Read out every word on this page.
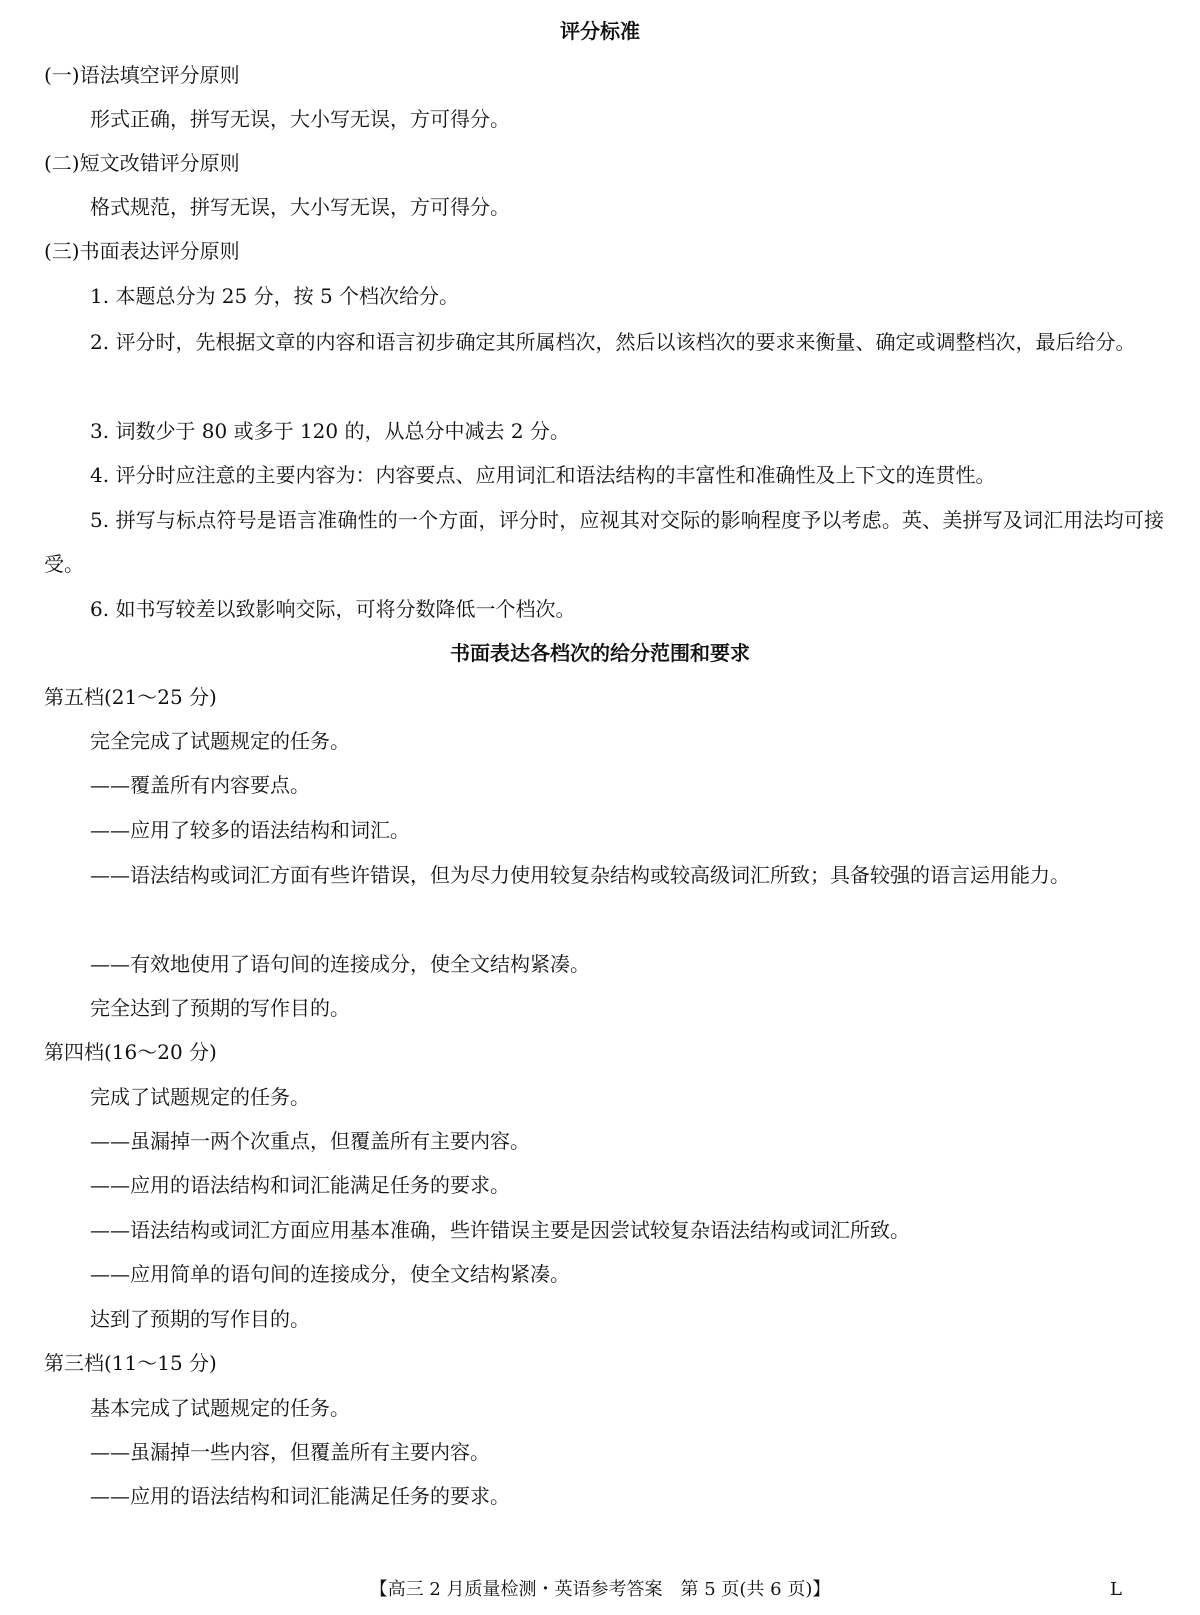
评分标准
(一)语法填空评分原则
形式正确，拼写无误，大小写无误，方可得分。
(二)短文改错评分原则
格式规范，拼写无误，大小写无误，方可得分。
(三)书面表达评分原则
1. 本题总分为 25 分，按 5 个档次给分。
2. 评分时，先根据文章的内容和语言初步确定其所属档次，然后以该档次的要求来衡量、确定或调整档次，最后给分。
3. 词数少于 80 或多于 120 的，从总分中减去 2 分。
4. 评分时应注意的主要内容为：内容要点、应用词汇和语法结构的丰富性和准确性及上下文的连贯性。
5. 拼写与标点符号是语言准确性的一个方面，评分时，应视其对交际的影响程度予以考虑。英、美拼写及词汇用法均可接受。
6. 如书写较差以致影响交际，可将分数降低一个档次。
书面表达各档次的给分范围和要求
第五档(21～25 分)
完全完成了试题规定的任务。
——覆盖所有内容要点。
——应用了较多的语法结构和词汇。
——语法结构或词汇方面有些许错误，但为尽力使用较复杂结构或较高级词汇所致；具备较强的语言运用能力。
——有效地使用了语句间的连接成分，使全文结构紧凑。
完全达到了预期的写作目的。
第四档(16～20 分)
完成了试题规定的任务。
——虽漏掉一两个次重点，但覆盖所有主要内容。
——应用的语法结构和词汇能满足任务的要求。
——语法结构或词汇方面应用基本准确，些许错误主要是因尝试较复杂语法结构或词汇所致。
——应用简单的语句间的连接成分，使全文结构紧凑。
达到了预期的写作目的。
第三档(11～15 分)
基本完成了试题规定的任务。
——虽漏掉一些内容，但覆盖所有主要内容。
——应用的语法结构和词汇能满足任务的要求。
【高三 2 月质量检测・英语参考答案　第 5 页(共 6 页)】	L
